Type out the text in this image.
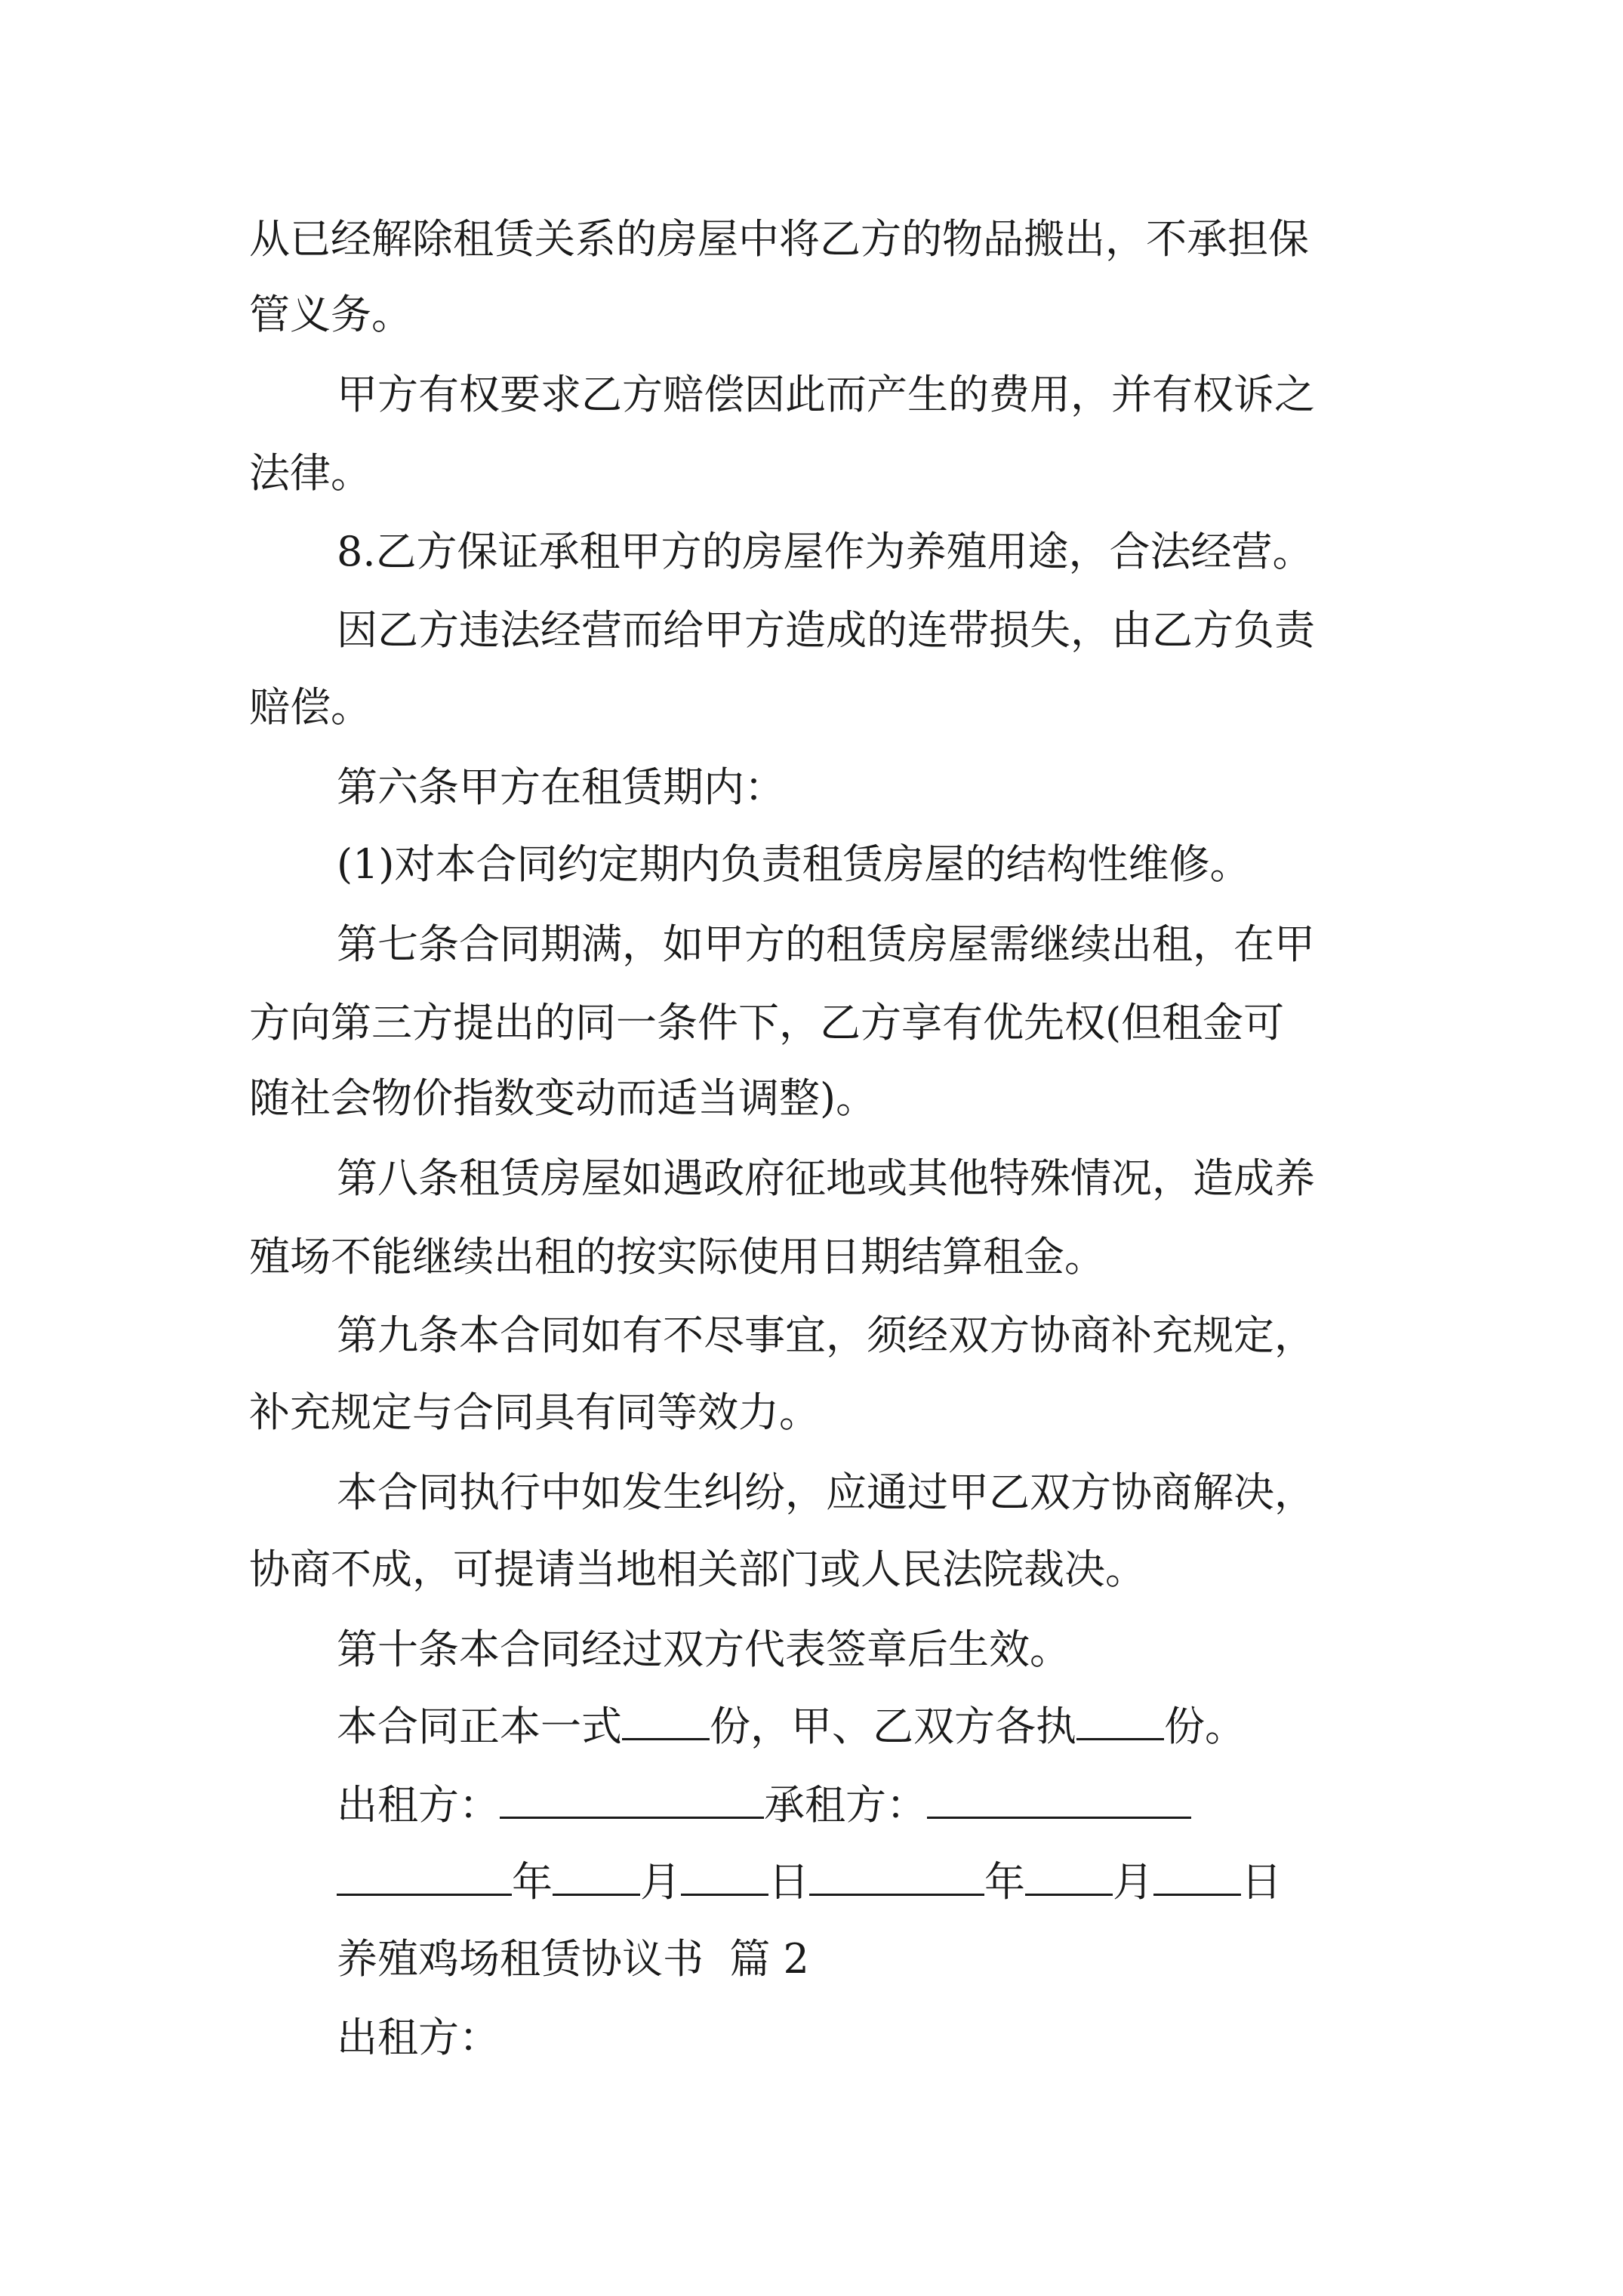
从已经解除租赁关系的房屋中将乙方的物品搬出，不承担保
管义务。
甲方有权要求乙方赔偿因此而产生的费用，并有权诉之
法律。
8.乙方保证承租甲方的房屋作为养殖用途，合法经营。
因乙方违法经营而给甲方造成的连带损失，由乙方负责
赔偿。
第六条甲方在租赁期内：
(1)对本合同约定期内负责租赁房屋的结构性维修。
第七条合同期满，如甲方的租赁房屋需继续出租，在甲
方向第三方提出的同一条件下，乙方享有优先权(但租金可
随社会物价指数变动而适当调整)。
第八条租赁房屋如遇政府征地或其他特殊情况，造成养
殖场不能继续出租的按实际使用日期结算租金。
第九条本合同如有不尽事宜，须经双方协商补充规定，
补充规定与合同具有同等效力。
本合同执行中如发生纠纷，应通过甲乙双方协商解决，
协商不成，可提请当地相关部门或人民法院裁决。
第十条本合同经过双方代表签章后生效。
本合同正本一式 份，甲、乙双方各执 份。
出租方：	承租方：
年 月 日	年 月 日
养殖鸡场租赁协议书  篇 2
出租方：
